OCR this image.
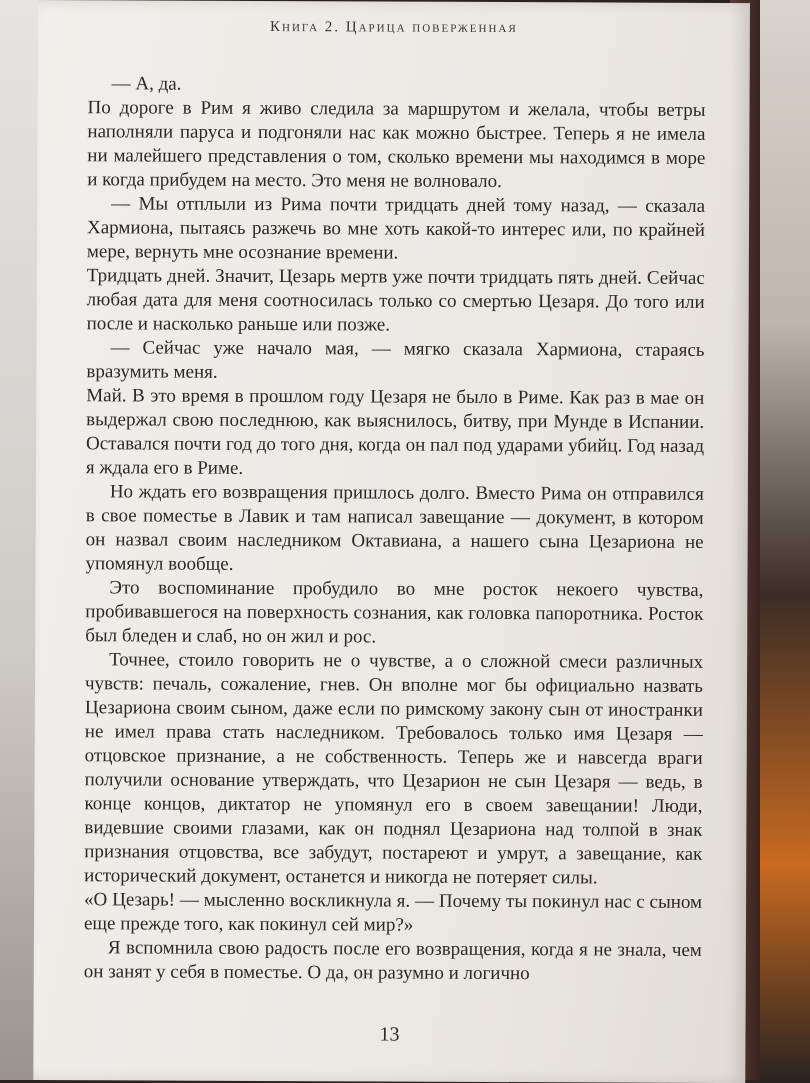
Книга 2. Царица поверженная

— А, да.

По дороге в Рим я живо следила за маршрутом и желала, чтобы ветры наполняли паруса и подгоняли нас как можно быстрее. Теперь я не имела ни малейшего представления о том, сколько времени мы находимся в море и когда прибудем на место. Это меня не волновало.

— Мы отплыли из Рима почти тридцать дней тому назад, — сказала Хармиона, пытаясь разжечь во мне хоть какой-то интерес или, по крайней мере, вернуть мне осознание времени.

Тридцать дней. Значит, Цезарь мертв уже почти тридцать пять дней. Сейчас любая дата для меня соотносилась только со смертью Цезаря. До того или после и насколько раньше или позже.

— Сейчас уже начало мая, — мягко сказала Хармиона, стараясь вразумить меня.

Май. В это время в прошлом году Цезаря не было в Риме. Как раз в мае он выдержал свою последнюю, как выяснилось, битву, при Мунде в Испании. Оставался почти год до того дня, когда он пал под ударами убийц. Год назад я ждала его в Риме.

Но ждать его возвращения пришлось долго. Вместо Рима он отправился в свое поместье в Лавик и там написал завещание — документ, в котором он назвал своим наследником Октавиана, а нашего сына Цезариона не упомянул вообще.

Это воспоминание пробудило во мне росток некоего чувства, пробивавшегося на поверхность сознания, как головка папоротника. Росток был бледен и слаб, но он жил и рос.

Точнее, стоило говорить не о чувстве, а о сложной смеси различных чувств: печаль, сожаление, гнев. Он вполне мог бы официально назвать Цезариона своим сыном, даже если по римскому закону сын от иностранки не имел права стать наследником. Требовалось только имя Цезаря — отцовское признание, а не собственность. Теперь же и навсегда враги получили основание утверждать, что Цезарион не сын Цезаря — ведь, в конце концов, диктатор не упомянул его в своем завещании! Люди, видевшие своими глазами, как он поднял Цезариона над толпой в знак признания отцовства, все забудут, постареют и умрут, а завещание, как исторический документ, останется и никогда не потеряет силы.

«О Цезарь! — мысленно воскликнула я. — Почему ты покинул нас с сыном еще прежде того, как покинул сей мир?»

Я вспомнила свою радость после его возвращения, когда я не знала, чем он занят у себя в поместье. О да, он разумно и логично

13
